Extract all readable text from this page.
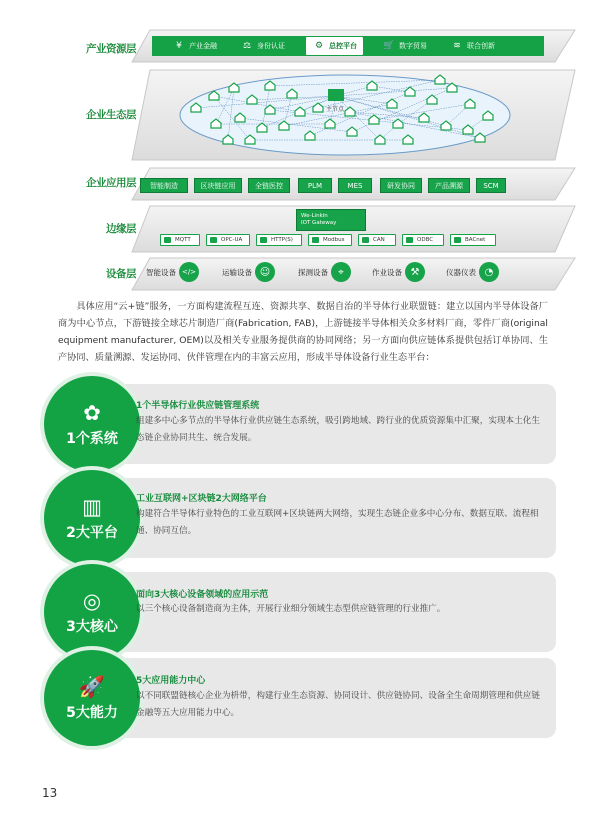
产业资源层
企业生态层
企业应用层
边缘层
设备层
¥	产业金融	⚖ 身份认证	⚙ 总控平台	🛒 数字贸易	≋ 联合创新
主节点
智能制造	区块链应用	全链医控	PLM	MES	研发协同	产品溯源	SCM
We-Linkin
IOT Gateway
MQTT	OPC-UA	HTTP(S)	Modbus	CAN	ODBC	BACnet
智能设备 </>	运输设备 ☺	探测设备	⌖	作业设备 ⚒	仪器仪表 ◔
具体应用“云+链”服务，一方面构建流程互连、资源共享、数据自治的半导体行业联盟链：建立以国内半导体设备厂商为中心节点，下游链接全球芯片制造厂商(Fabrication, FAB)，上游链接半导体相关众多材料厂商，零件厂商(original equipment manufacturer, OEM)以及相关专业服务提供商的协同网络；另一方面向供应链体系提供包括订单协同、生产协同、质量溯源、发运协同、伙伴管理在内的丰富云应用，形成半导体设备行业生态平台：
✿
1个系统
1个半导体行业供应链管理系统
组建多中心多节点的半导体行业供应链生态系统，吸引跨地域、跨行业的优质资源集中汇聚，实现本土化生态链企业协同共生、统合发展。
▥
2大平台
工业互联网+区块链2大网络平台
构建符合半导体行业特色的工业互联网+区块链两大网络，实现生态链企业多中心分布、数据互联、流程相通、协同互信。
◎
3大核心
面向3大核心设备领域的应用示范
以三个核心设备制造商为主体，开展行业细分领域生态型供应链管理的行业推广。
🚀
5大能力
5大应用能力中心
以不同联盟链核心企业为枡带，构建行业生态资源、协同设计、供应链协同、设备全生命周期管理和供应链金融等五大应用能力中心。
13
